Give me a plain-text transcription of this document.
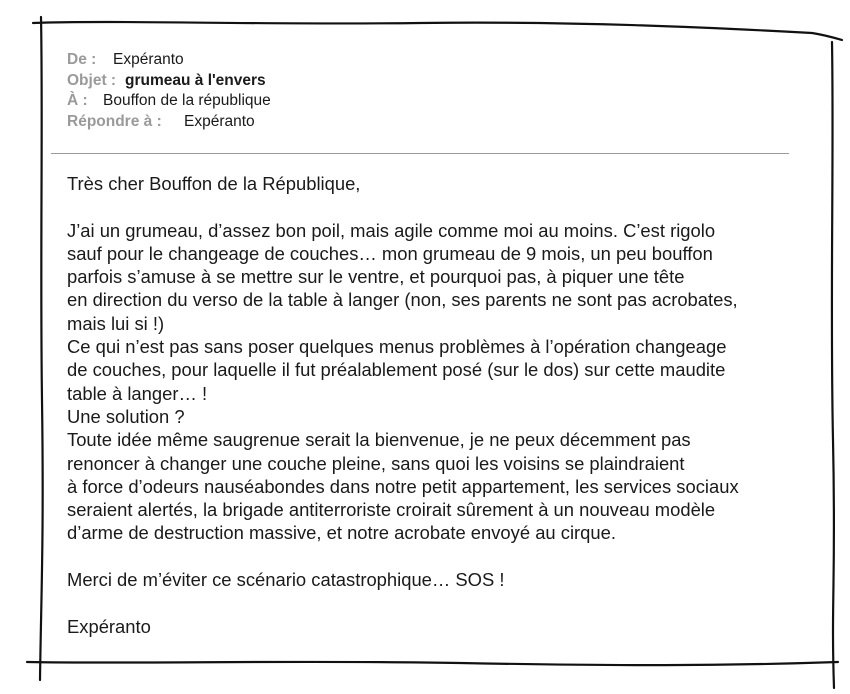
De : Expéranto
Objet : grumeau à l'envers
À : Bouffon de la république
Répondre à : Expéranto
Très cher Bouffon de la République,
J’ai un grumeau, d’assez bon poil, mais agile comme moi au moins. C’est rigolo
sauf pour le changeage de couches… mon grumeau de 9 mois, un peu bouffon
parfois s’amuse à se mettre sur le ventre, et pourquoi pas, à piquer une tête
en direction du verso de la table à langer (non, ses parents ne sont pas acrobates,
mais lui si !)
Ce qui n’est pas sans poser quelques menus problèmes à l’opération changeage
de couches, pour laquelle il fut préalablement posé (sur le dos) sur cette maudite
table à langer… !
Une solution ?
Toute idée même saugrenue serait la bienvenue, je ne peux décemment pas
renoncer à changer une couche pleine, sans quoi les voisins se plaindraient
à force d’odeurs nauséabondes dans notre petit appartement, les services sociaux
seraient alertés, la brigade antiterroriste croirait sûrement à un nouveau modèle
d’arme de destruction massive, et notre acrobate envoyé au cirque.
Merci de m’éviter ce scénario catastrophique… SOS !
Expéranto
